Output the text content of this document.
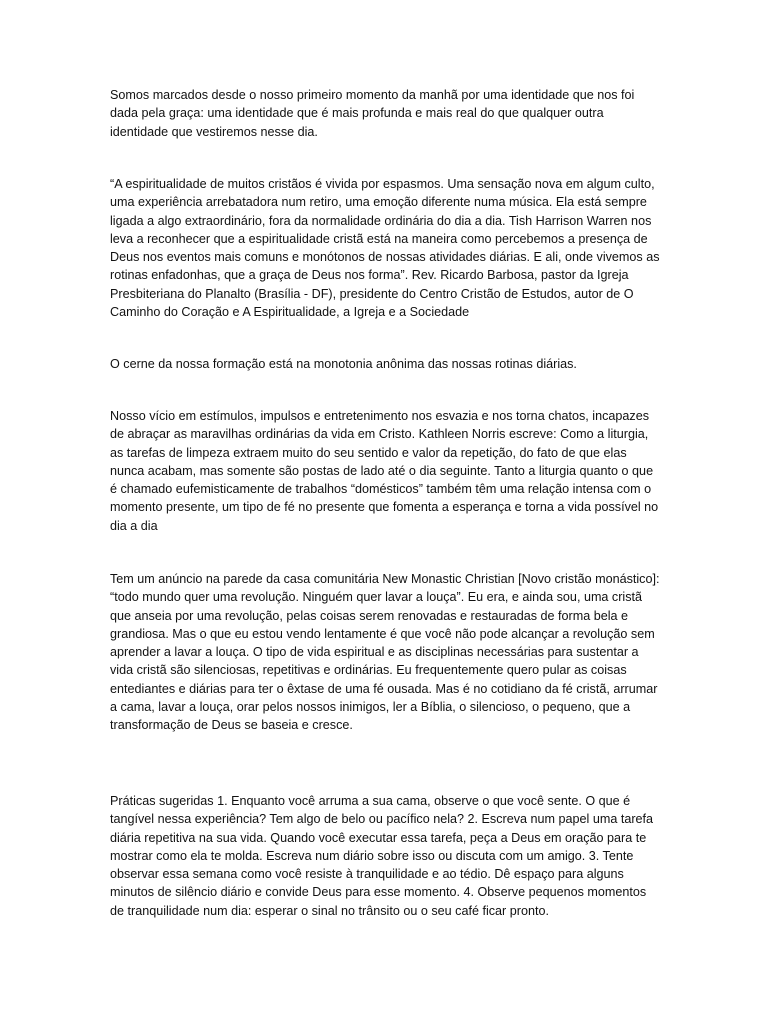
Somos marcados desde o nosso primeiro momento da manhã por uma identidade que nos foi dada pela graça: uma identidade que é mais profunda e mais real do que qualquer outra identidade que vestiremos nesse dia.

“A espiritualidade de muitos cristãos é vivida por espasmos. Uma sensação nova em algum culto, uma experiência arrebatadora num retiro, uma emoção diferente numa música. Ela está sempre ligada a algo extraordinário, fora da normalidade ordinária do dia a dia. Tish Harrison Warren nos leva a reconhecer que a espiritualidade cristã está na maneira como percebemos a presença de Deus nos eventos mais comuns e monótonos de nossas atividades diárias. E ali, onde vivemos as rotinas enfadonhas, que a graça de Deus nos forma”. Rev. Ricardo Barbosa, pastor da Igreja Presbiteriana do Planalto (Brasília - DF), presidente do Centro Cristão de Estudos, autor de O Caminho do Coração e A Espiritualidade, a Igreja e a Sociedade

O cerne da nossa formação está na monotonia anônima das nossas rotinas diárias.

Nosso vício em estímulos, impulsos e entretenimento nos esvazia e nos torna chatos, incapazes de abraçar as maravilhas ordinárias da vida em Cristo. Kathleen Norris escreve: Como a liturgia, as tarefas de limpeza extraem muito do seu sentido e valor da repetição, do fato de que elas nunca acabam, mas somente são postas de lado até o dia seguinte. Tanto a liturgia quanto o que é chamado eufemisticamente de trabalhos “domésticos” também têm uma relação intensa com o momento presente, um tipo de fé no presente que fomenta a esperança e torna a vida possível no dia a dia

Tem um anúncio na parede da casa comunitária New Monastic Christian [Novo cristão monástico]: “todo mundo quer uma revolução. Ninguém quer lavar a louça”. Eu era, e ainda sou, uma cristã que anseia por uma revolução, pelas coisas serem renovadas e restauradas de forma bela e grandiosa. Mas o que eu estou vendo lentamente é que você não pode alcançar a revolução sem aprender a lavar a louça. O tipo de vida espiritual e as disciplinas necessárias para sustentar a vida cristã são silenciosas, repetitivas e ordinárias. Eu frequentemente quero pular as coisas entediantes e diárias para ter o êxtase de uma fé ousada. Mas é no cotidiano da fé cristã, arrumar a cama, lavar a louça, orar pelos nossos inimigos, ler a Bíblia, o silencioso, o pequeno, que a transformação de Deus se baseia e cresce.

Práticas sugeridas 1. Enquanto você arruma a sua cama, observe o que você sente. O que é tangível nessa experiência? Tem algo de belo ou pacífico nela? 2. Escreva num papel uma tarefa diária repetitiva na sua vida. Quando você executar essa tarefa, peça a Deus em oração para te mostrar como ela te molda. Escreva num diário sobre isso ou discuta com um amigo. 3. Tente observar essa semana como você resiste à tranquilidade e ao tédio. Dê espaço para alguns minutos de silêncio diário e convide Deus para esse momento. 4. Observe pequenos momentos de tranquilidade num dia: esperar o sinal no trânsito ou o seu café ficar pronto.
